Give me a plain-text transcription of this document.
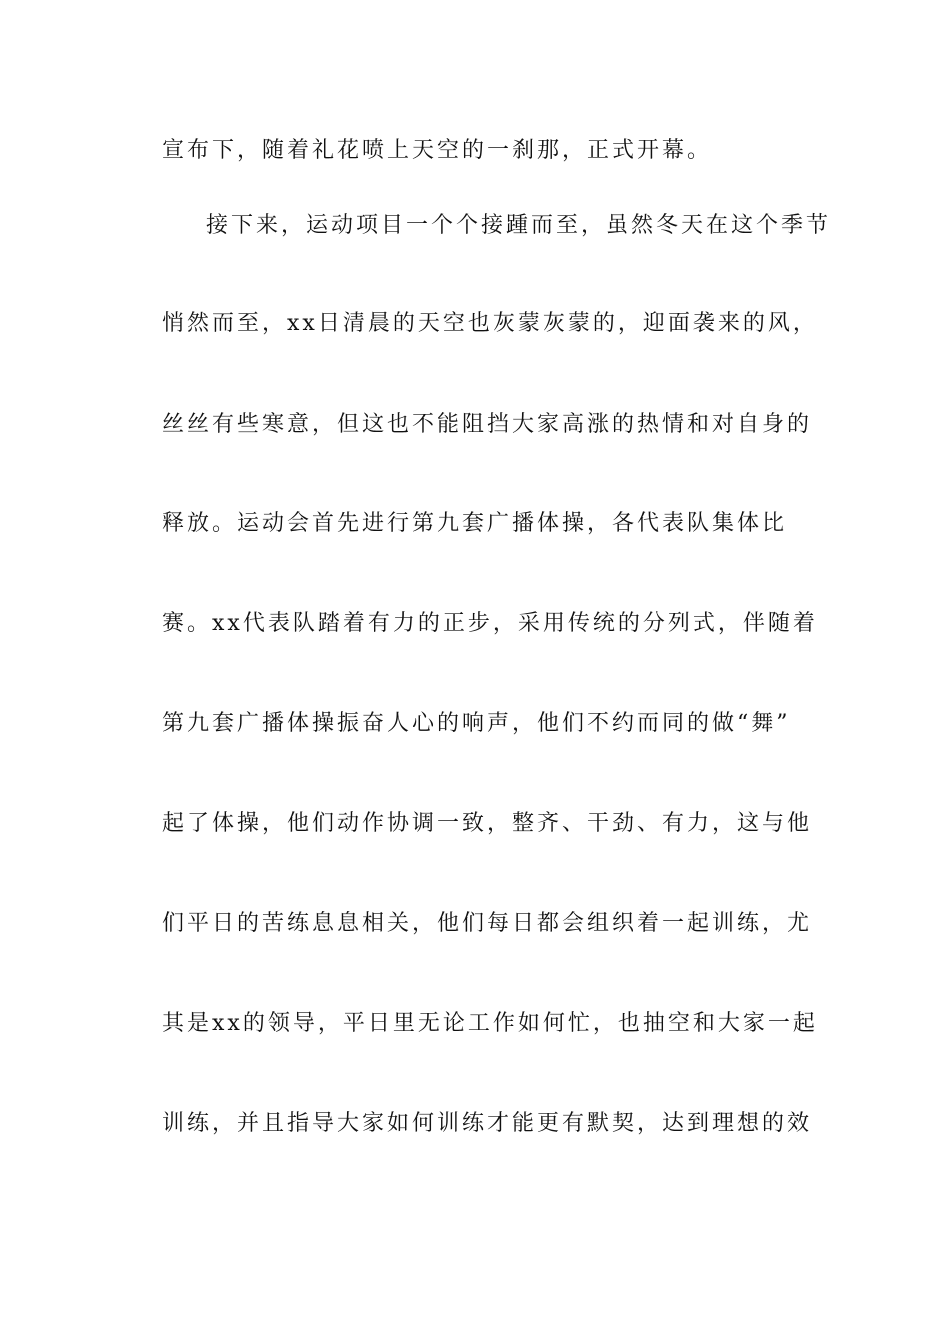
宣布下，随着礼花喷上天空的一刹那，正式开幕。
接下来，运动项目一个个接踵而至，虽然冬天在这个季节
悄然而至，xx日清晨的天空也灰蒙灰蒙的，迎面袭来的风，
丝丝有些寒意，但这也不能阻挡大家高涨的热情和对自身的
释放。运动会首先进行第九套广播体操，各代表队集体比
赛。xx代表队踏着有力的正步，采用传统的分列式，伴随着
第九套广播体操振奋人心的响声，他们不约而同的做“舞”
起了体操，他们动作协调一致，整齐、干劲、有力，这与他
们平日的苦练息息相关，他们每日都会组织着一起训练，尤
其是xx的领导，平日里无论工作如何忙，也抽空和大家一起
训练，并且指导大家如何训练才能更有默契，达到理想的效
